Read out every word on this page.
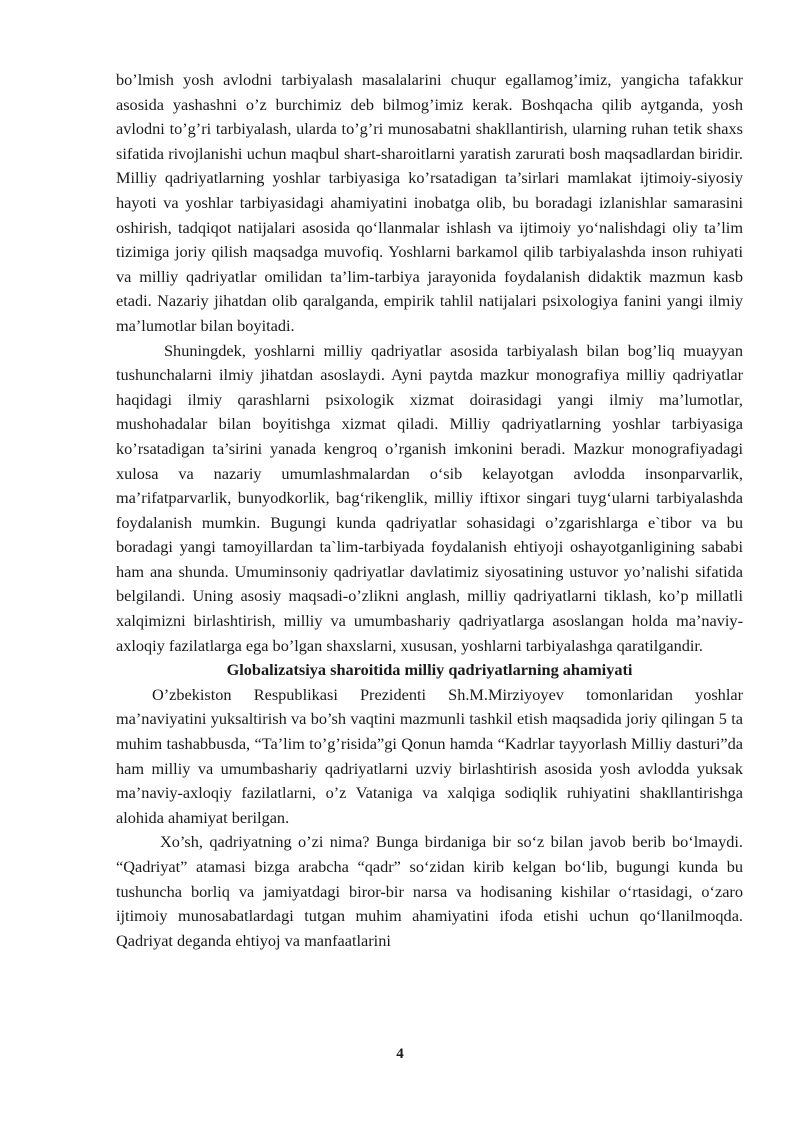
bo’lmish yosh avlodni tarbiyalash masalalarini chuqur egallamog’imiz, yangicha tafakkur asosida yashashni o’z burchimiz deb bilmog’imiz kerak. Boshqacha qilib aytganda, yosh avlodni to’g’ri tarbiyalash, ularda to’g’ri munosabatni shakllantirish, ularning ruhan tetik shaxs sifatida rivojlanishi uchun maqbul shart-sharoitlarni yaratish zarurati bosh maqsadlardan biridir. Milliy qadriyatlarning yoshlar tarbiyasiga ko’rsatadigan ta’sirlari mamlakat ijtimoiy-siyosiy hayoti va yoshlar tarbiyasidagi ahamiyatini inobatga olib, bu boradagi izlanishlar samarasini oshirish, tadqiqot natijalari asosida qo‘llanmalar ishlash va ijtimoiy yo‘nalishdagi oliy ta’lim tizimiga joriy qilish maqsadga muvofiq. Yoshlarni barkamol qilib tarbiyalashda inson ruhiyati va milliy qadriyatlar omilidan ta’lim-tarbiya jarayonida foydalanish didaktik mazmun kasb etadi. Nazariy jihatdan olib qaralganda, empirik tahlil natijalari psixologiya fanini yangi ilmiy ma’lumotlar bilan boyitadi.

Shuningdek, yoshlarni milliy qadriyatlar asosida tarbiyalash bilan bog’liq muayyan tushunchalarni ilmiy jihatdan asoslaydi. Ayni paytda mazkur monografiya milliy qadriyatlar haqidagi ilmiy qarashlarni psixologik xizmat doirasidagi yangi ilmiy ma’lumotlar, mushohadalar bilan boyitishga xizmat qiladi. Milliy qadriyatlarning yoshlar tarbiyasiga ko’rsatadigan ta’sirini yanada kengroq o’rganish imkonini beradi. Mazkur monografiyadagi xulosa va nazariy umumlashmalardan o‘sib kelayotgan avlodda insonparvarlik, ma’rifatparvarlik, bunyodkorlik, bag‘rikenglik, milliy iftixor singari tuyg‘ularni tarbiyalashda foydalanish mumkin. Bugungi kunda qadriyatlar sohasidagi o’zgarishlarga e`tibor va bu boradagi yangi tamoyillardan ta`lim-tarbiyada foydalanish ehtiyoji oshayotganligining sababi ham ana shunda. Umuminsoniy qadriyatlar davlatimiz siyosatining ustuvor yo’nalishi sifatida belgilandi. Uning asosiy maqsadi-o’zlikni anglash, milliy qadriyatlarni tiklash, ko’p millatli xalqimizni birlashtirish, milliy va umumbashariy qadriyatlarga asoslangan holda ma’naviy-axloqiy fazilatlarga ega bo’lgan shaxslarni, xususan, yoshlarni tarbiyalashga qaratilgandir.

Globalizatsiya sharoitida milliy qadriyatlarning ahamiyati

O’zbekiston Respublikasi Prezidenti Sh.M.Mirziyoyev tomonlaridan yoshlar ma’naviyatini yuksaltirish va bo’sh vaqtini mazmunli tashkil etish maqsadida joriy qilingan 5 ta muhim tashabbusda, “Ta’lim to’g’risida”gi Qonun hamda “Kadrlar tayyorlash Milliy dasturi”da ham milliy va umumbashariy qadriyatlarni uzviy birlashtirish asosida yosh avlodda yuksak ma’naviy-axloqiy fazilatlarni, o’z Vataniga va xalqiga sodiqlik ruhiyatini shakllantirishga alohida ahamiyat berilgan.

Xo’sh, qadriyatning o’zi nima? Bunga birdaniga bir so‘z bilan javob berib bo‘lmaydi. “Qadriyat” atamasi bizga arabcha “qadr” so‘zidan kirib kelgan bo‘lib, bugungi kunda bu tushuncha borliq va jamiyatdagi biror-bir narsa va hodisaning kishilar o‘rtasidagi, o‘zaro ijtimoiy munosabatlardagi tutgan muhim ahamiyatini ifoda etishi uchun qo‘llanilmoqda. Qadriyat deganda ehtiyoj va manfaatlarini

4
